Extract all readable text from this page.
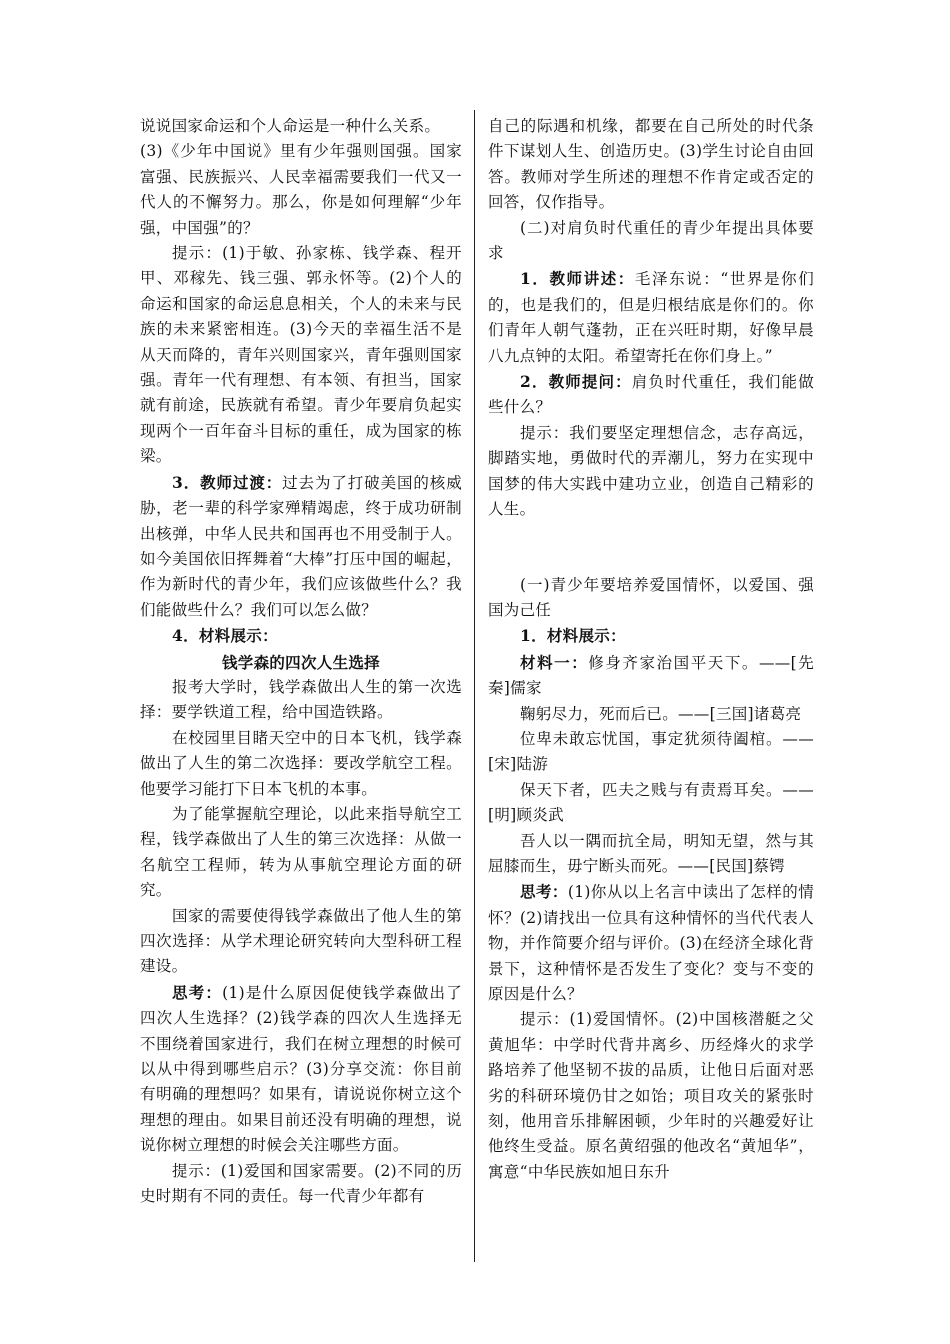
说说国家命运和个人命运是一种什么关系。

(3)《少年中国说》里有少年强则国强。国家富强、民族振兴、人民幸福需要我们一代又一代人的不懈努力。那么，你是如何理解“少年强，中国强”的？

提示：(1)于敏、孙家栋、钱学森、程开甲、邓稼先、钱三强、郭永怀等。(2)个人的命运和国家的命运息息相关，个人的未来与民族的未来紧密相连。(3)今天的幸福生活不是从天而降的，青年兴则国家兴，青年强则国家强。青年一代有理想、有本领、有担当，国家就有前途，民族就有希望。青少年要肩负起实现两个一百年奋斗目标的重任，成为国家的栋梁。

3．教师过渡：过去为了打破美国的核威胁，老一辈的科学家殚精竭虑，终于成功研制出核弹，中华人民共和国再也不用受制于人。如今美国依旧挥舞着“大棒”打压中国的崛起，作为新时代的青少年，我们应该做些什么？我们能做些什么？我们可以怎么做？

4．材料展示：

钱学森的四次人生选择

报考大学时，钱学森做出人生的第一次选择：要学铁道工程，给中国造铁路。

在校园里目睹天空中的日本飞机，钱学森做出了人生的第二次选择：要改学航空工程。他要学习能打下日本飞机的本事。

为了能掌握航空理论，以此来指导航空工程，钱学森做出了人生的第三次选择：从做一名航空工程师，转为从事航空理论方面的研究。

国家的需要使得钱学森做出了他人生的第四次选择：从学术理论研究转向大型科研工程建设。

思考：(1)是什么原因促使钱学森做出了四次人生选择？(2)钱学森的四次人生选择无不围绕着国家进行，我们在树立理想的时候可以从中得到哪些启示？(3)分享交流：你目前有明确的理想吗？如果有，请说说你树立这个理想的理由。如果目前还没有明确的理想，说说你树立理想的时候会关注哪些方面。

提示：(1)爱国和国家需要。(2)不同的历史时期有不同的责任。每一代青少年都有

自己的际遇和机缘，都要在自己所处的时代条件下谋划人生、创造历史。(3)学生讨论自由回答。教师对学生所述的理想不作肯定或否定的回答，仅作指导。

(二)对肩负时代重任的青少年提出具体要求

1．教师讲述：毛泽东说：“世界是你们的，也是我们的，但是归根结底是你们的。你们青年人朝气蓬勃，正在兴旺时期，好像早晨八九点钟的太阳。希望寄托在你们身上。”

2．教师提问：肩负时代重任，我们能做些什么？

提示：我们要坚定理想信念，志存高远，脚踏实地，勇做时代的弄潮儿，努力在实现中国梦的伟大实践中建功立业，创造自己精彩的人生。

(一)青少年要培养爱国情怀，以爱国、强国为己任

1．材料展示：

材料一：修身齐家治国平天下。——[先秦]儒家

鞠躬尽力，死而后已。——[三国]诸葛亮

位卑未敢忘忧国，事定犹须待阖棺。——[宋]陆游

保天下者，匹夫之贱与有责焉耳矣。——[明]顾炎武

吾人以一隅而抗全局，明知无望，然与其屈膝而生，毋宁断头而死。——[民国]蔡锷

思考：(1)你从以上名言中读出了怎样的情怀？(2)请找出一位具有这种情怀的当代代表人物，并作简要介绍与评价。(3)在经济全球化背景下，这种情怀是否发生了变化？变与不变的原因是什么？

提示：(1)爱国情怀。(2)中国核潜艇之父黄旭华：中学时代背井离乡、历经烽火的求学路培养了他坚韧不拔的品质，让他日后面对恶劣的科研环境仍甘之如饴；项目攻关的紧张时刻，他用音乐排解困顿，少年时的兴趣爱好让他终生受益。原名黄绍强的他改名“黄旭华”，寓意“中华民族如旭日东升
